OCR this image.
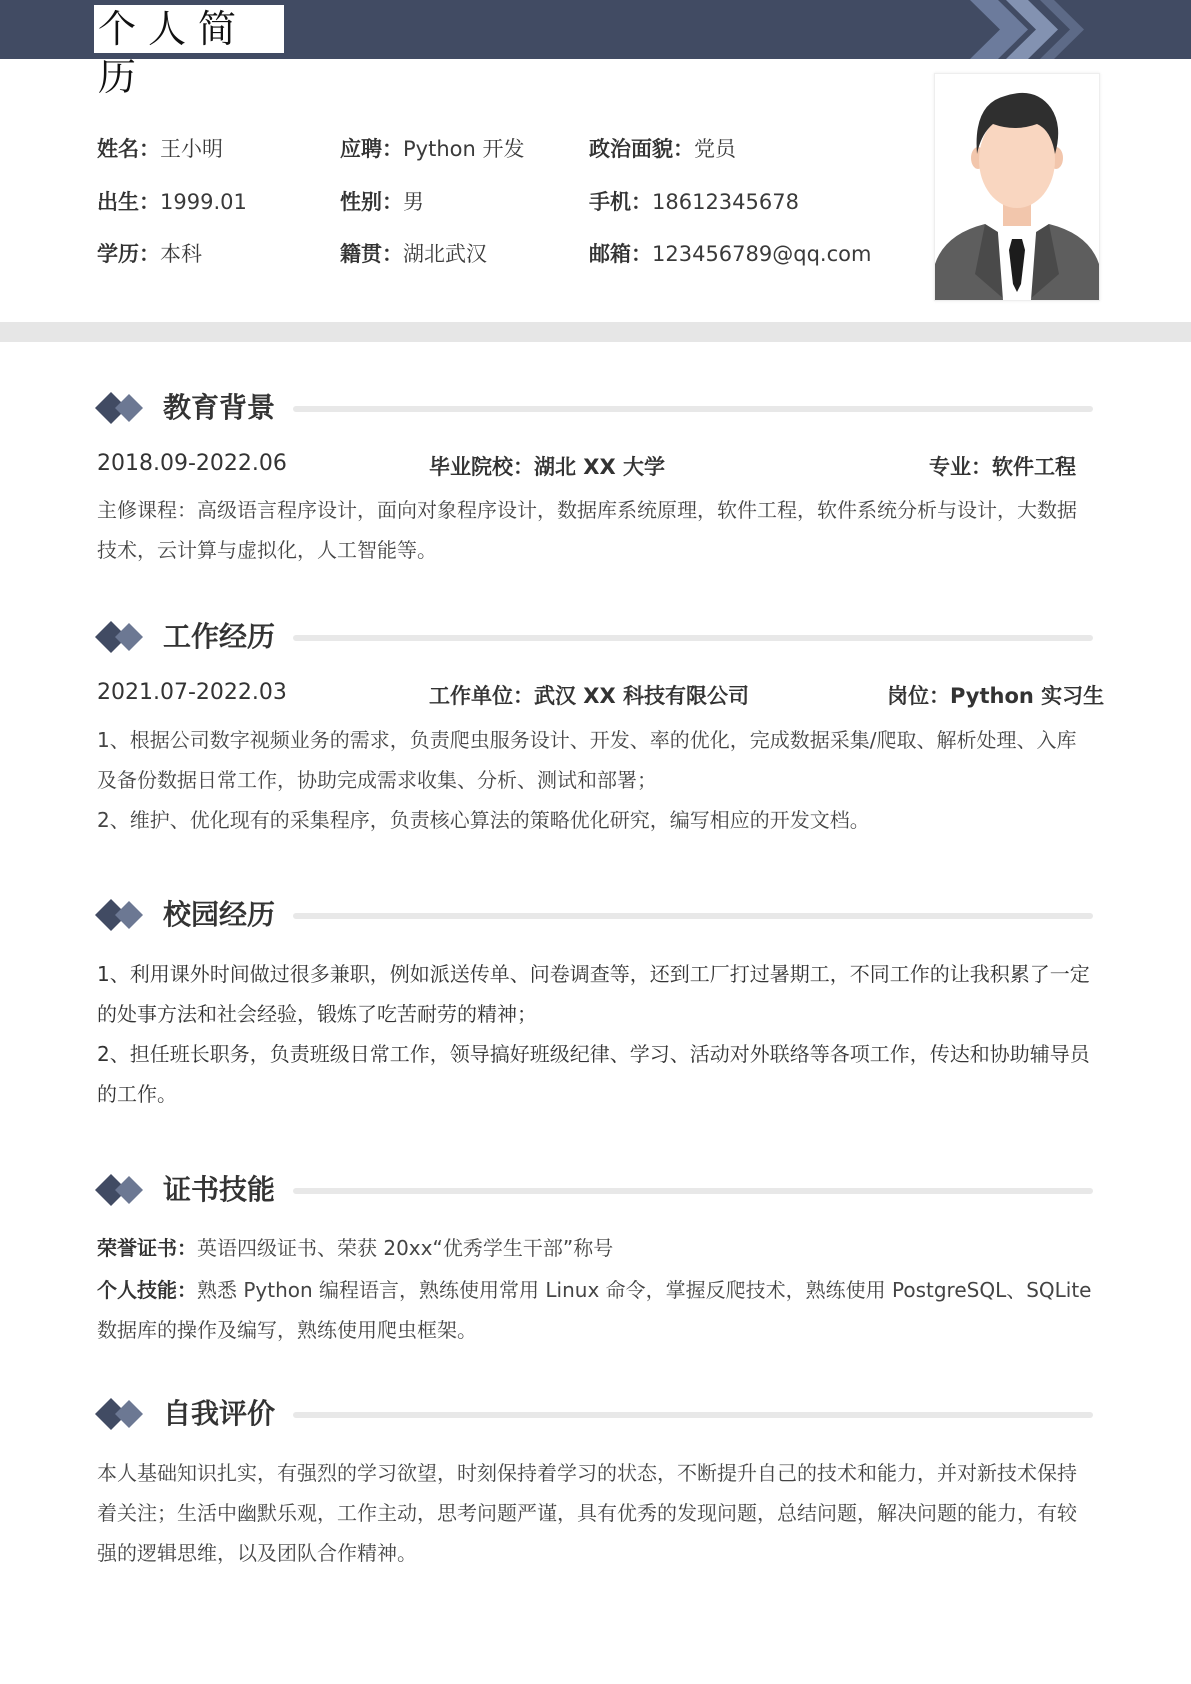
个人简历
姓名：王小明	应聘：Python 开发	政治面貌：党员
出生：1999.01	性别：男	手机：18612345678
学历：本科	籍贯：湖北武汉	邮箱：123456789@qq.com
教育背景
2018.09-2022.06	毕业院校：湖北 XX 大学	专业：软件工程

主修课程：高级语言程序设计，面向对象程序设计，数据库系统原理，软件工程，软件系统分析与设计，大数据技术，云计算与虚拟化，人工智能等。

工作经历
2021.07-2022.03	工作单位：武汉 XX 科技有限公司	岗位：Python 实习生

1、根据公司数字视频业务的需求，负责爬虫服务设计、开发、率的优化，完成数据采集/爬取、解析处理、入库及备份数据日常工作，协助完成需求收集、分析、测试和部署；

2、维护、优化现有的采集程序，负责核心算法的策略优化研究，编写相应的开发文档。

校园经历

1、利用课外时间做过很多兼职，例如派送传单、问卷调查等，还到工厂打过暑期工，不同工作的让我积累了一定的处事方法和社会经验，锻炼了吃苦耐劳的精神；

2、担任班长职务，负责班级日常工作，领导搞好班级纪律、学习、活动对外联络等各项工作，传达和协助辅导员的工作。

证书技能
荣誉证书：英语四级证书、荣获 20xx“优秀学生干部”称号
个人技能：熟悉 Python 编程语言，熟练使用常用 Linux 命令，掌握反爬技术，熟练使用 PostgreSQL、SQLite 数据库的操作及编写，熟练使用爬虫框架。
自我评价

本人基础知识扎实，有强烈的学习欲望，时刻保持着学习的状态，不断提升自己的技术和能力，并对新技术保持着关注；生活中幽默乐观，工作主动，思考问题严谨，具有优秀的发现问题，总结问题，解决问题的能力，有较强的逻辑思维，以及团队合作精神。
